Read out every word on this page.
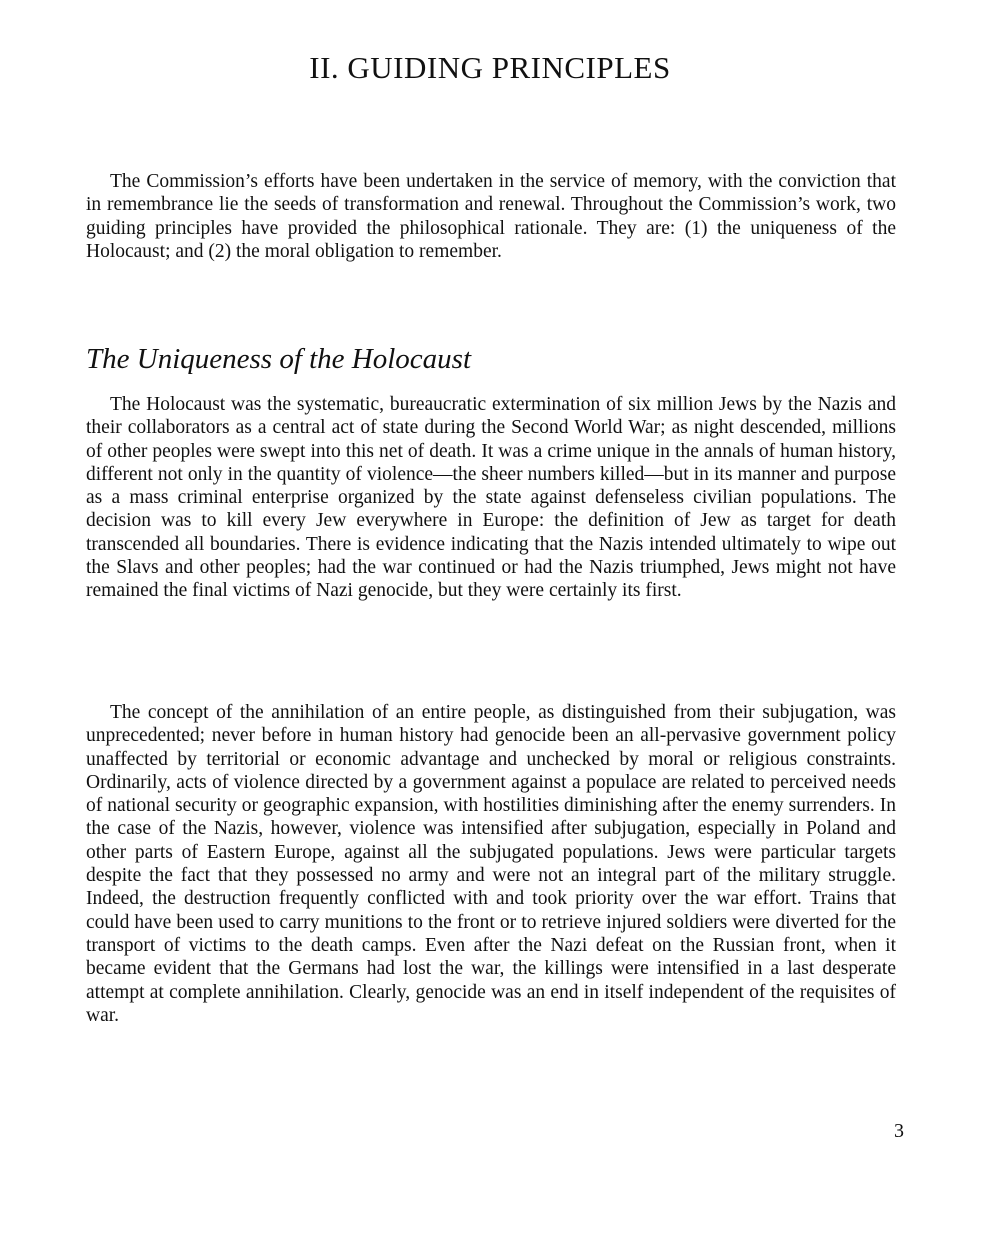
II. GUIDING PRINCIPLES

The Commission’s efforts have been undertaken in the service of memory, with the conviction that in remembrance lie the seeds of transformation and renewal. Throughout the Commission’s work, two guiding principles have provided the philosophical rationale. They are: (1) the uniqueness of the Holocaust; and (2) the moral obligation to remember.

The Uniqueness of the Holocaust

The Holocaust was the systematic, bureaucratic extermination of six million Jews by the Nazis and their collaborators as a central act of state during the Second World War; as night descended, millions of other peoples were swept into this net of death. It was a crime unique in the annals of human history, different not only in the quantity of violence—the sheer numbers killed—but in its manner and purpose as a mass criminal enterprise organized by the state against defenseless civilian populations. The decision was to kill every Jew everywhere in Europe: the definition of Jew as target for death transcended all boundaries. There is evidence indicating that the Nazis intended ultimately to wipe out the Slavs and other peoples; had the war continued or had the Nazis triumphed, Jews might not have remained the final victims of Nazi genocide, but they were certainly its first.

The concept of the annihilation of an entire people, as distinguished from their subjugation, was unprecedented; never before in human history had genocide been an all-pervasive government policy unaffected by territorial or economic advantage and unchecked by moral or religious constraints. Ordinarily, acts of violence directed by a government against a populace are related to perceived needs of national security or geographic expansion, with hostilities diminishing after the enemy surrenders. In the case of the Nazis, however, violence was intensified after subjugation, especially in Poland and other parts of Eastern Europe, against all the subjugated populations. Jews were particular targets despite the fact that they possessed no army and were not an integral part of the military struggle. Indeed, the destruction frequently conflicted with and took priority over the war effort. Trains that could have been used to carry munitions to the front or to retrieve injured soldiers were diverted for the transport of victims to the death camps. Even after the Nazi defeat on the Russian front, when it became evident that the Germans had lost the war, the killings were intensified in a last desperate attempt at complete annihilation. Clearly, genocide was an end in itself independent of the requisites of war.

3
